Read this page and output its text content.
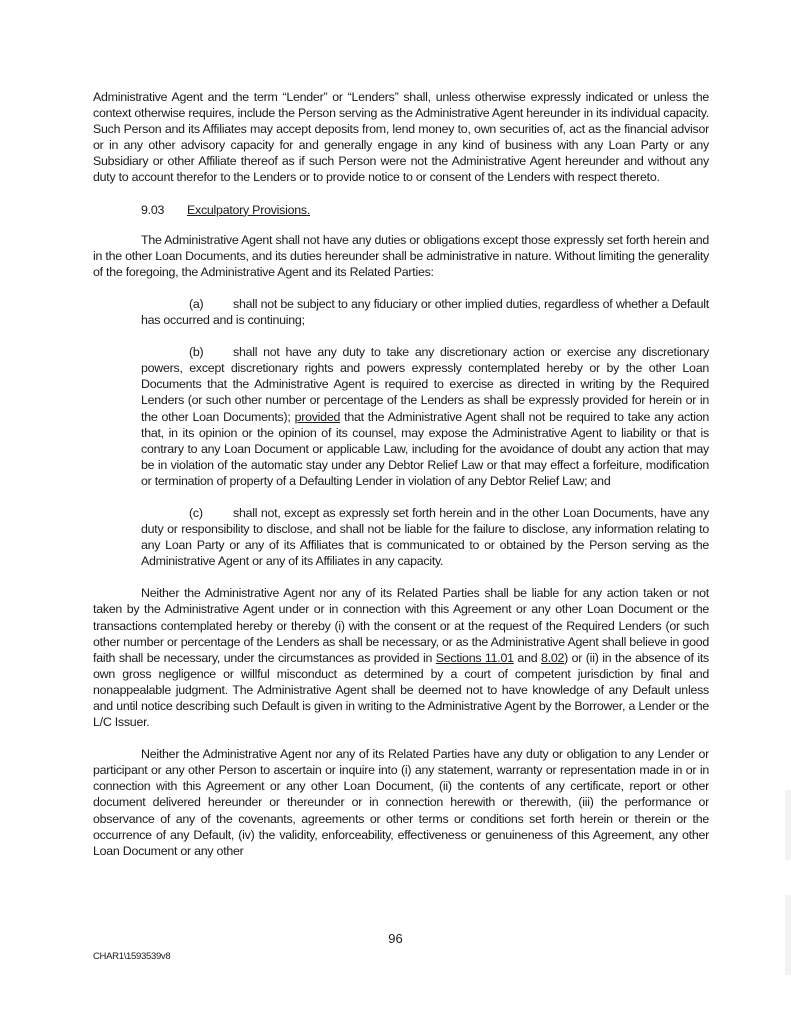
Administrative Agent and the term “Lender” or “Lenders” shall, unless otherwise expressly indicated or unless the context otherwise requires, include the Person serving as the Administrative Agent hereunder in its individual capacity. Such Person and its Affiliates may accept deposits from, lend money to, own securities of, act as the financial advisor or in any other advisory capacity for and generally engage in any kind of business with any Loan Party or any Subsidiary or other Affiliate thereof as if such Person were not the Administrative Agent hereunder and without any duty to account therefor to the Lenders or to provide notice to or consent of the Lenders with respect thereto.

9.03 Exculpatory Provisions.

The Administrative Agent shall not have any duties or obligations except those expressly set forth herein and in the other Loan Documents, and its duties hereunder shall be administrative in nature. Without limiting the generality of the foregoing, the Administrative Agent and its Related Parties:

(a) shall not be subject to any fiduciary or other implied duties, regardless of whether a Default has occurred and is continuing;

(b) shall not have any duty to take any discretionary action or exercise any discretionary powers, except discretionary rights and powers expressly contemplated hereby or by the other Loan Documents that the Administrative Agent is required to exercise as directed in writing by the Required Lenders (or such other number or percentage of the Lenders as shall be expressly provided for herein or in the other Loan Documents); provided that the Administrative Agent shall not be required to take any action that, in its opinion or the opinion of its counsel, may expose the Administrative Agent to liability or that is contrary to any Loan Document or applicable Law, including for the avoidance of doubt any action that may be in violation of the automatic stay under any Debtor Relief Law or that may effect a forfeiture, modification or termination of property of a Defaulting Lender in violation of any Debtor Relief Law; and

(c) shall not, except as expressly set forth herein and in the other Loan Documents, have any duty or responsibility to disclose, and shall not be liable for the failure to disclose, any information relating to any Loan Party or any of its Affiliates that is communicated to or obtained by the Person serving as the Administrative Agent or any of its Affiliates in any capacity.

Neither the Administrative Agent nor any of its Related Parties shall be liable for any action taken or not taken by the Administrative Agent under or in connection with this Agreement or any other Loan Document or the transactions contemplated hereby or thereby (i) with the consent or at the request of the Required Lenders (or such other number or percentage of the Lenders as shall be necessary, or as the Administrative Agent shall believe in good faith shall be necessary, under the circumstances as provided in Sections 11.01 and 8.02) or (ii) in the absence of its own gross negligence or willful misconduct as determined by a court of competent jurisdiction by final and nonappealable judgment. The Administrative Agent shall be deemed not to have knowledge of any Default unless and until notice describing such Default is given in writing to the Administrative Agent by the Borrower, a Lender or the L/C Issuer.

Neither the Administrative Agent nor any of its Related Parties have any duty or obligation to any Lender or participant or any other Person to ascertain or inquire into (i) any statement, warranty or representation made in or in connection with this Agreement or any other Loan Document, (ii) the contents of any certificate, report or other document delivered hereunder or thereunder or in connection herewith or therewith, (iii) the performance or observance of any of the covenants, agreements or other terms or conditions set forth herein or therein or the occurrence of any Default, (iv) the validity, enforceability, effectiveness or genuineness of this Agreement, any other Loan Document or any other

96
CHAR1\1593539v8
